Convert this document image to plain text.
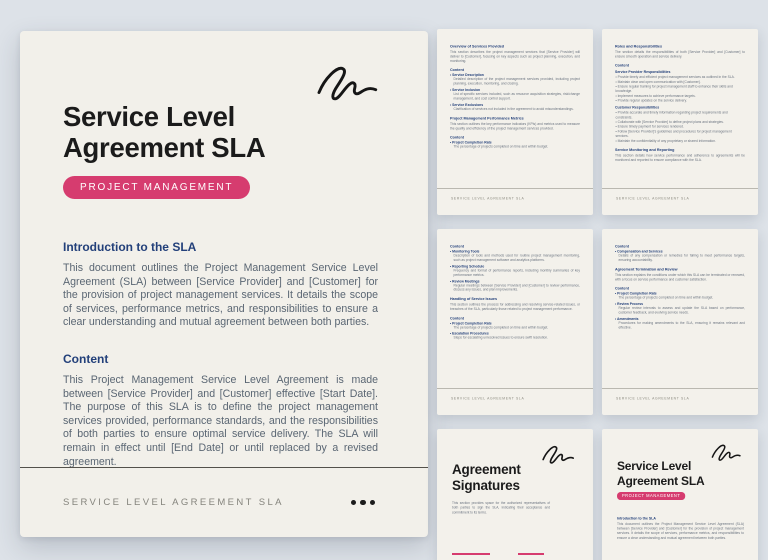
Service Level
Agreement SLA
PROJECT MANAGEMENT
Introduction to the SLA
This document outlines the Project Management Service Level Agreement (SLA) between [Service Provider] and [Customer] for the provision of project management services. It details the scope of services, performance metrics, and responsibilities to ensure a clear understanding and mutual agreement between both parties.
Content
This Project Management Service Level Agreement is made between [Service Provider] and [Customer] effective [Start Date]. The purpose of this SLA is to define the project management services provided, performance standards, and the responsibilities of both parties to ensure optimal service delivery. The SLA will remain in effect until [End Date] or until replaced by a revised agreement.
SERVICE LEVEL AGREEMENT SLA
Overview of Services Provided
This section describes the project management services that [Service Provider] will deliver to [Customer], focusing on key aspects such as project planning, execution, and monitoring.
Content
• Service Description
Detailed description of the project management services provided, including project planning, execution, monitoring, and closing.
• Service Inclusion
List of specific services included, such as resource acquisition strategies, risk/change management, and cost control support.
• Service Exclusions
Clarification of services not included in the agreement to avoid misunderstandings.
Project Management Performance Metrics
This section outlines the key performance indicators (KPIs) and metrics used to measure the quality and efficiency of the project management services provided.
Content
• Project Completion Rate
The percentage of projects completed on time and within budget.
SERVICE LEVEL AGREEMENT SLA
Roles and Responsibilities
The section details the responsibilities of both [Service Provider] and [Customer] to ensure smooth operation and service delivery.
Content
Service Provider Responsibilities
• Provide timely and efficient project management services as outlined in the SLA.
• Maintain clear and open communication with [Customer].
• Ensure regular training for project management staff to enhance their skills and knowledge.
• Implement measures to achieve performance targets.
• Provide regular updates on the service delivery.
Customer Responsibilities
• Provide accurate and timely information regarding project requirements and constraints.
• Collaborate with [Service Provider] to define project plans and strategies.
• Ensure timely payment for services rendered.
• Follow [Service Provider]'s guidelines and procedures for project management services.
• Maintain the confidentiality of any proprietary or shared information.
Service Monitoring and Reporting
This section details how service performance and adherence to agreements will be monitored and reported to ensure compliance with the SLA.
SERVICE LEVEL AGREEMENT SLA
Content
• Monitoring Tools
Description of tools and methods used for routine project management monitoring, such as project management software and analytics platforms.
• Reporting Schedule
Frequency and format of performance reports, including monthly summaries of key performance metrics.
• Review Meetings
Regular meetings between [Service Provider] and [Customer] to review performance, discuss any issues, and plan improvements.
Handling of Service Issues
This section outlines the process for addressing and resolving service-related issues, or breaches of the SLA, particularly those related to project management performance.
Content
• Project Completion Rate
The percentage of projects completed on time and within budget.
• Escalation Procedures
Steps for escalating unresolved issues to ensure swift resolution.
SERVICE LEVEL AGREEMENT SLA
Content
• Compensation and Services
Details of any compensation or remedies for failing to meet performance targets, ensuring accountability.
Agreement Termination and Review
This section explains the conditions under which this SLA can be terminated or renewed, with a focus on service performance and customer satisfaction.
Content
• Project Completion Rate
The percentage of projects completed on time and within budget.
• Review Process
Regular review intervals to assess and update the SLA based on performance, customer feedback, and evolving service needs.
• Amendments
Procedures for making amendments to the SLA, ensuring it remains relevant and effective.
SERVICE LEVEL AGREEMENT SLA
Agreement
Signatures
This section provides space for the authorized representatives of both parties to sign the SLA, indicating their acceptance and commitment to its terms.
Service Level
Agreement SLA
PROJECT MANAGEMENT
Introduction to the SLA
This document outlines the Project Management Service Level Agreement (SLA) between [Service Provider] and [Customer] for the provision of project management services. It details the scope of services, performance metrics, and responsibilities to ensure a clear understanding and mutual agreement between both parties.
